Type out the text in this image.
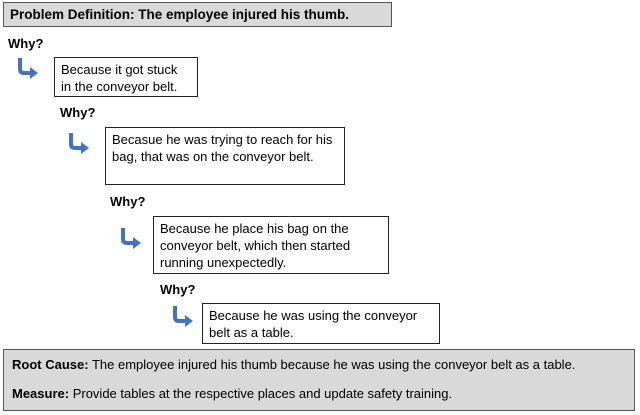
Problem Definition: The employee injured his thumb.
Why?
Because it got stuck in the conveyor belt.
Why?
Becasue he was trying to reach for his bag, that was on the conveyor belt.
Why?
Because he place his bag on the conveyor belt, which then started running unexpectedly.
Why?
Because he was using the conveyor belt as a table.
Root Cause: The employee injured his thumb because he was using the conveyor belt as a table.
Measure: Provide tables at the respective places and update safety training.
